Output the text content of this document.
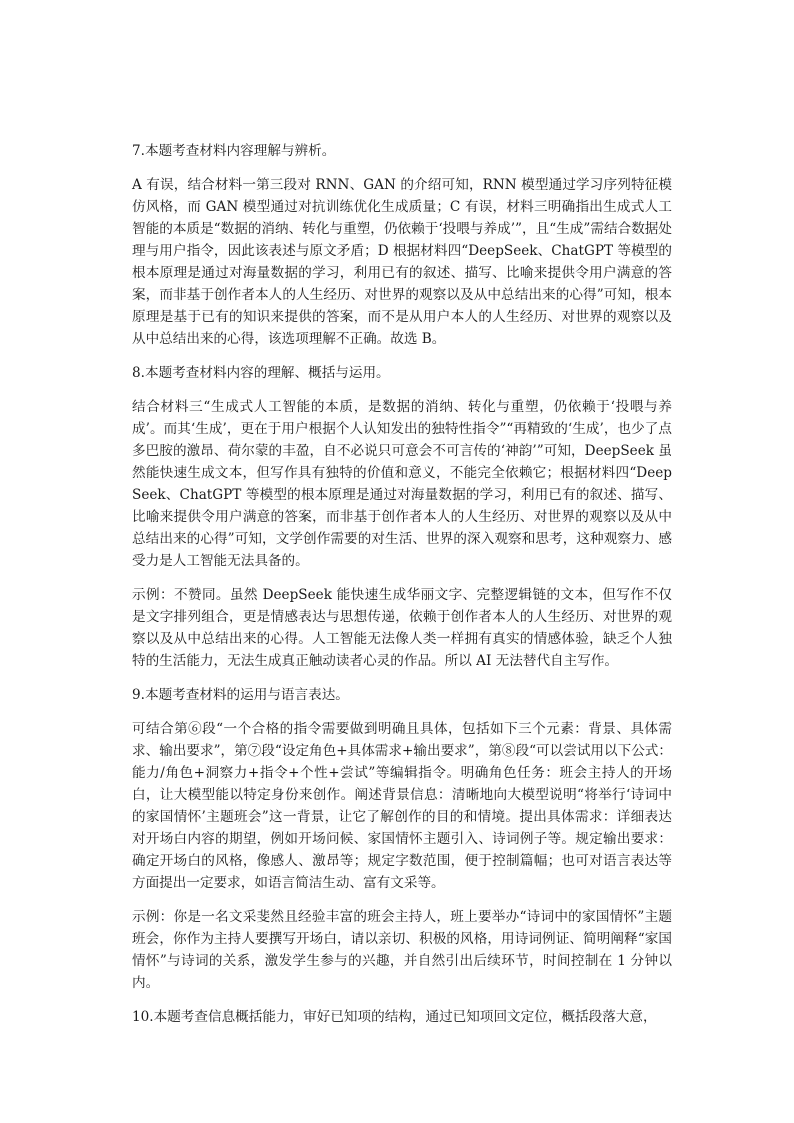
7.本题考查材料内容理解与辨析。

A 有误，结合材料一第三段对 RNN、GAN 的介绍可知，RNN 模型通过学习序列特征模仿风格，而 GAN 模型通过对抗训练优化生成质量；C 有误，材料三明确指出生成式人工智能的本质是“数据的消纳、转化与重塑，仍依赖于‘投喂与养成’”，且“生成”需结合数据处理与用户指令，因此该表述与原文矛盾；D 根据材料四“DeepSeek、ChatGPT 等模型的根本原理是通过对海量数据的学习，利用已有的叙述、描写、比喻来提供令用户满意的答案，而非基于创作者本人的人生经历、对世界的观察以及从中总结出来的心得”可知，根本原理是基于已有的知识来提供的答案，而不是从用户本人的人生经历、对世界的观察以及从中总结出来的心得，该选项理解不正确。故选 B。

8.本题考查材料内容的理解、概括与运用。

结合材料三“生成式人工智能的本质，是数据的消纳、转化与重塑，仍依赖于‘投喂与养成’。而其‘生成’，更在于用户根据个人认知发出的独特性指令”“再精致的‘生成’，也少了点多巴胺的激昂、荷尔蒙的丰盈，自不必说只可意会不可言传的‘神韵’”可知，DeepSeek 虽然能快速生成文本，但写作具有独特的价值和意义，不能完全依赖它；根据材料四“DeepSeek、ChatGPT 等模型的根本原理是通过对海量数据的学习，利用已有的叙述、描写、比喻来提供令用户满意的答案，而非基于创作者本人的人生经历、对世界的观察以及从中总结出来的心得”可知，文学创作需要的对生活、世界的深入观察和思考，这种观察力、感受力是人工智能无法具备的。

示例：不赞同。虽然 DeepSeek 能快速生成华丽文字、完整逻辑链的文本，但写作不仅是文字排列组合，更是情感表达与思想传递，依赖于创作者本人的人生经历、对世界的观察以及从中总结出来的心得。人工智能无法像人类一样拥有真实的情感体验，缺乏个人独特的生活能力，无法生成真正触动读者心灵的作品。所以 AI 无法替代自主写作。

9.本题考查材料的运用与语言表达。

可结合第⑥段“一个合格的指令需要做到明确且具体，包括如下三个元素：背景、具体需求、输出要求”，第⑦段“设定角色+具体需求+输出要求”，第⑧段“可以尝试用以下公式：能力/角色+洞察力+指令+个性+尝试”等编辑指令。明确角色任务：班会主持人的开场白，让大模型能以特定身份来创作。阐述背景信息：清晰地向大模型说明“将举行‘诗词中的家国情怀’主题班会”这一背景，让它了解创作的目的和情境。提出具体需求：详细表达对开场白内容的期望，例如开场问候、家国情怀主题引入、诗词例子等。规定输出要求：确定开场白的风格，像感人、激昂等；规定字数范围，便于控制篇幅；也可对语言表达等方面提出一定要求，如语言简洁生动、富有文采等。

示例：你是一名文采斐然且经验丰富的班会主持人，班上要举办“诗词中的家国情怀”主题班会，你作为主持人要撰写开场白，请以亲切、积极的风格，用诗词例证、简明阐释“家国情怀”与诗词的关系，激发学生参与的兴趣，并自然引出后续环节，时间控制在 1 分钟以内。

10.本题考查信息概括能力，审好已知项的结构，通过已知项回文定位，概括段落大意，
